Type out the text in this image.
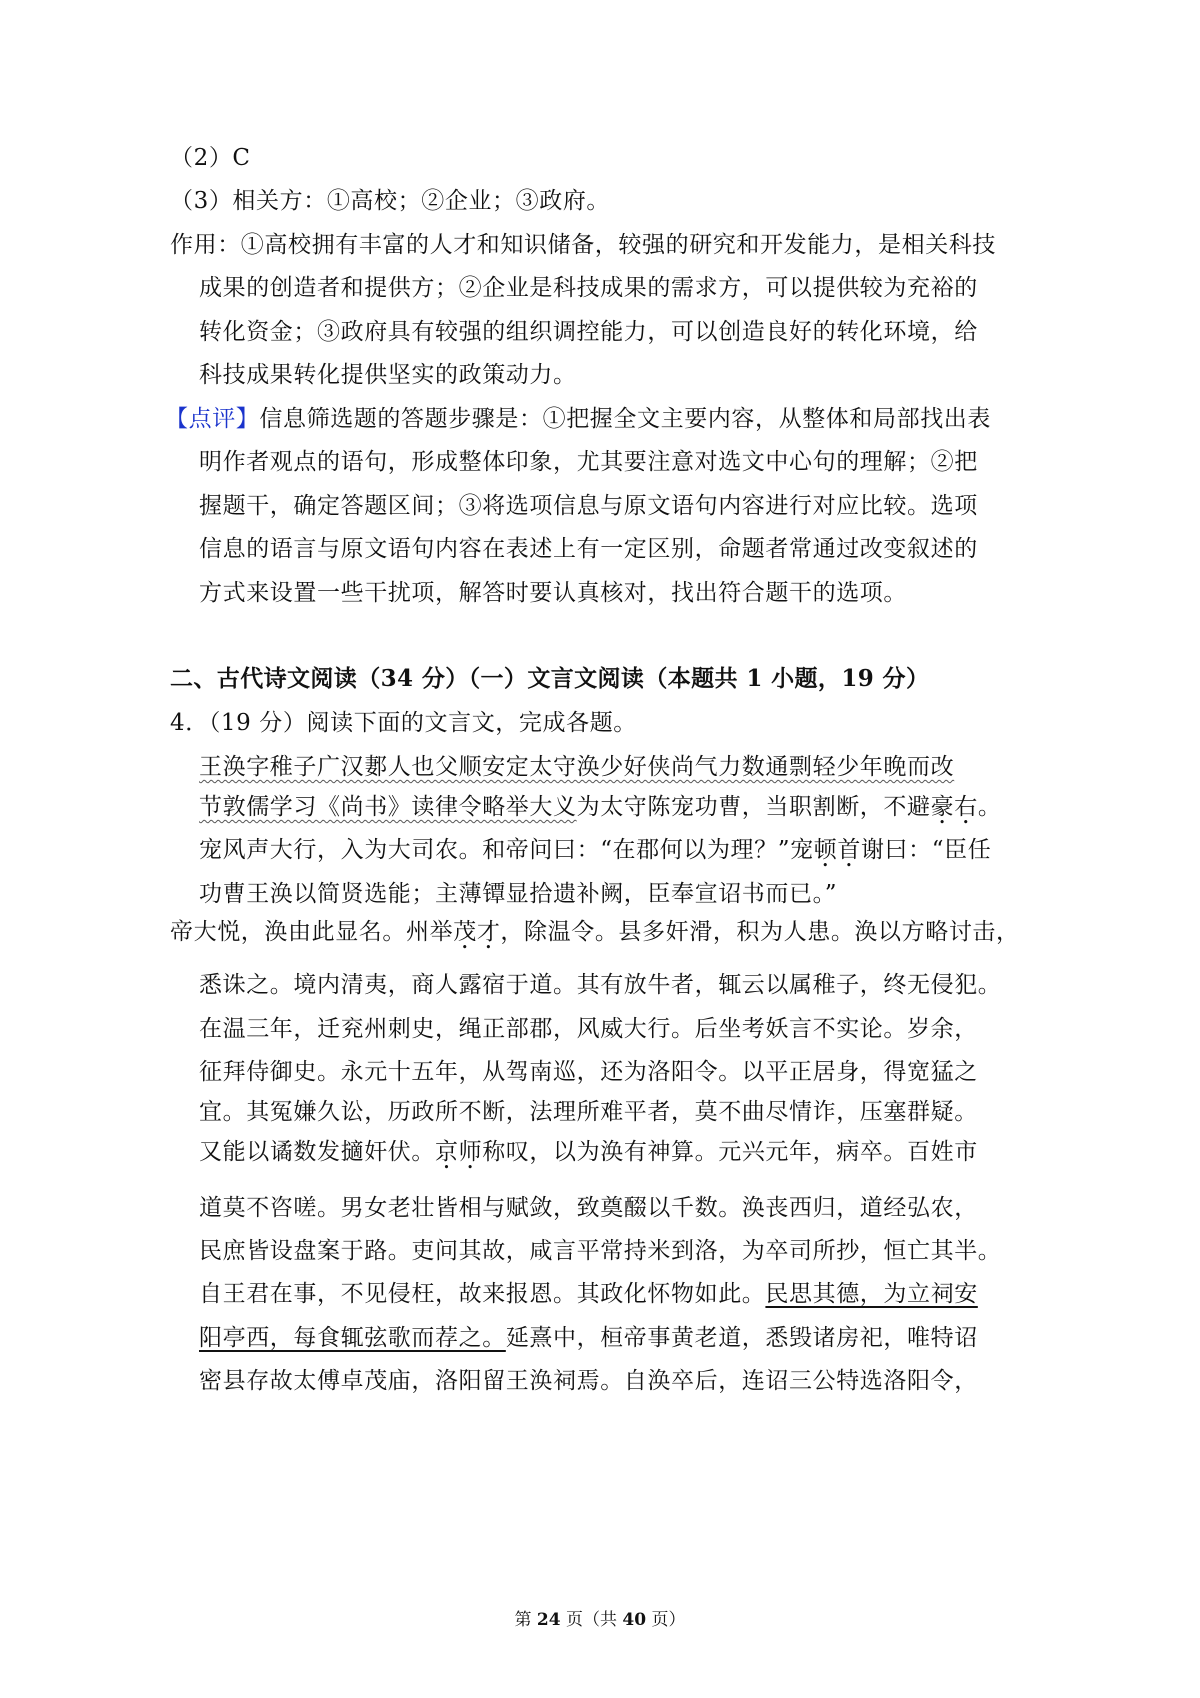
（2）C
（3）相关方：①高校；②企业；③政府。
作用：①高校拥有丰富的人才和知识储备，较强的研究和开发能力，是相关科技
成果的创造者和提供方；②企业是科技成果的需求方，可以提供较为充裕的
转化资金；③政府具有较强的组织调控能力，可以创造良好的转化环境，给
科技成果转化提供坚实的政策动力。
【点评】信息筛选题的答题步骤是：①把握全文主要内容，从整体和局部找出表
明作者观点的语句，形成整体印象，尤其要注意对选文中心句的理解；②把
握题干，确定答题区间；③将选项信息与原文语句内容进行对应比较。选项
信息的语言与原文语句内容在表述上有一定区别，命题者常通过改变叙述的
方式来设置一些干扰项，解答时要认真核对，找出符合题干的选项。
二、古代诗文阅读（34 分）（一）文言文阅读（本题共 1 小题，19 分）
4．（19 分）阅读下面的文言文，完成各题。
王涣字稚子广汉郪人也父顺安定太守涣少好侠尚气力数通剽轻少年晚而改
节敦儒学习《尚书》读律令略举大义为太守陈宠功曹，当职割断，不避豪右。
宠风声大行，入为大司农。和帝问曰：“在郡何以为理？”宠顿首谢曰：“臣任
功曹王涣以简贤选能；主薄镡显拾遗补阙，臣奉宣诏书而已。”
帝大悦，涣由此显名。州举茂才，除温令。县多奸滑，积为人患。涣以方略讨击，
悉诛之。境内清夷，商人露宿于道。其有放牛者，辄云以属稚子，终无侵犯。
在温三年，迁兖州刺史，绳正部郡，风威大行。后坐考妖言不实论。岁余，
征拜侍御史。永元十五年，从驾南巡，还为洛阳令。以平正居身，得宽猛之
宜。其冤嫌久讼，历政所不断，法理所难平者，莫不曲尽情诈，压塞群疑。
又能以谲数发擿奸伏。京师称叹，以为涣有神算。元兴元年，病卒。百姓市
道莫不咨嗟。男女老壮皆相与赋敛，致奠醊以千数。涣丧西归，道经弘农，
民庶皆设盘案于路。吏问其故，咸言平常持米到洛，为卒司所抄，恒亡其半。
自王君在事，不见侵枉，故来报恩。其政化怀物如此。民思其德，为立祠安
阳亭西，每食辄弦歌而荐之。延熹中，桓帝事黄老道，悉毁诸房祀，唯特诏
密县存故太傅卓茂庙，洛阳留王涣祠焉。自涣卒后，连诏三公特选洛阳令，
第 24 页（共 40 页）
